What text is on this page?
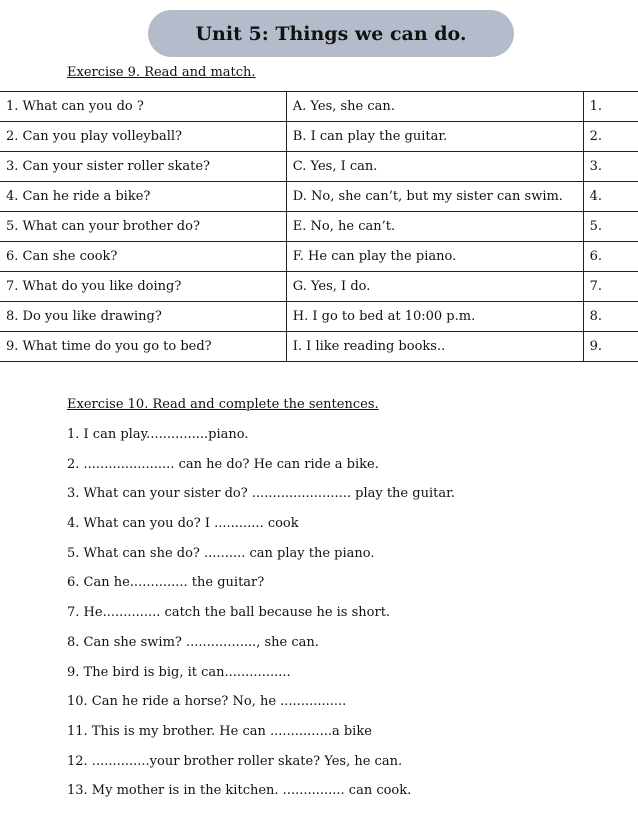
Unit 5: Things we can do.
Exercise 9. Read and match.
1. What can you do ?	A. Yes, she can.	1.
2. Can you play volleyball?	B. I can play the guitar.	2.
3. Can your sister roller skate?	C. Yes, I can.	3.
4. Can he ride a bike?	D. No, she can’t, but my sister can swim.	4.
5. What can your brother do?	E. No, he can’t.	5.
6. Can she cook?	F. He can play the piano.	6.
7. What do you like doing?	G. Yes, I do.	7.
8. Do you like drawing?	H. I go to bed at 10:00 p.m.	8.
9. What time do you go to bed?	I. I like reading books..	9.
Exercise 10. Read and complete the sentences.
1. I can play...............piano.
2. ...................... can he do? He can ride a bike.
3. What can your sister do? ........................ play the guitar.
4. What can you do? I ............ cook
5. What can she do? .......... can play the piano.
6. Can he.............. the guitar?
7. He.............. catch the ball because he is short.
8. Can she swim? ................., she can.
9. The bird is big, it can................
10. Can he ride a horse? No, he ................
11. This is my brother. He can ...............a bike
12. ..............your brother roller skate? Yes, he can.
13. My mother is in the kitchen. ............... can cook.
